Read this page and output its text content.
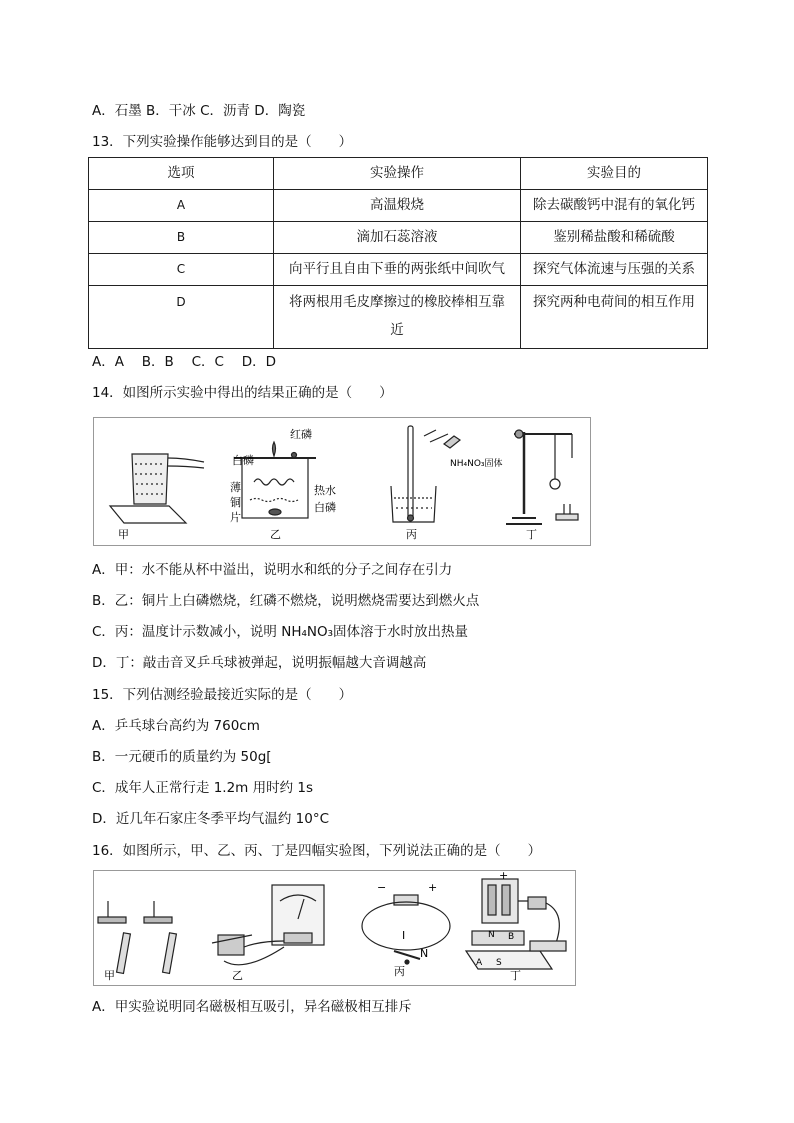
A．石墨 B．干冰 C．沥青 D．陶瓷
13．下列实验操作能够达到目的是（　　）
选项	实验操作	实验目的
A	高温煅烧	除去碳酸钙中混有的氧化钙
B	滴加石蕊溶液	鉴别稀盐酸和稀硫酸
C	向平行且自由下垂的两张纸中间吹气	探究气体流速与压强的关系
D	将两根用毛皮摩擦过的橡胶棒相互靠
近	探究两种电荷间的相互作用
A．A　 B．B　 C．C　 D．D
14．如图所示实验中得出的结果正确的是（　　）
甲
红磷
白磷
薄
铜
片
热水
白磷
乙
NH₄NO₃固体
丙	丁
A．甲：水不能从杯中溢出，说明水和纸的分子之间存在引力
B．乙：铜片上白磷燃烧，红磷不燃烧，说明燃烧需要达到燃火点
C．丙：温度计示数减小，说明 NH₄NO₃固体溶于水时放出热量
D．丁：敲击音叉乒乓球被弹起，说明振幅越大音调越高
15．下列估测经验最接近实际的是（　　）
A．乒乓球台高约为 760cm
B．一元硬币的质量约为 50g[
C．成年人正常行走 1.2m 用时约 1s
D．近几年石家庄冬季平均气温约 10°C
16．如图所示，甲、乙、丙、丁是四幅实验图，下列说法正确的是（　　）
甲	乙
−	+
I
N
丙
+
N B
A S
丁
A．甲实验说明同名磁极相互吸引，异名磁极相互排斥
